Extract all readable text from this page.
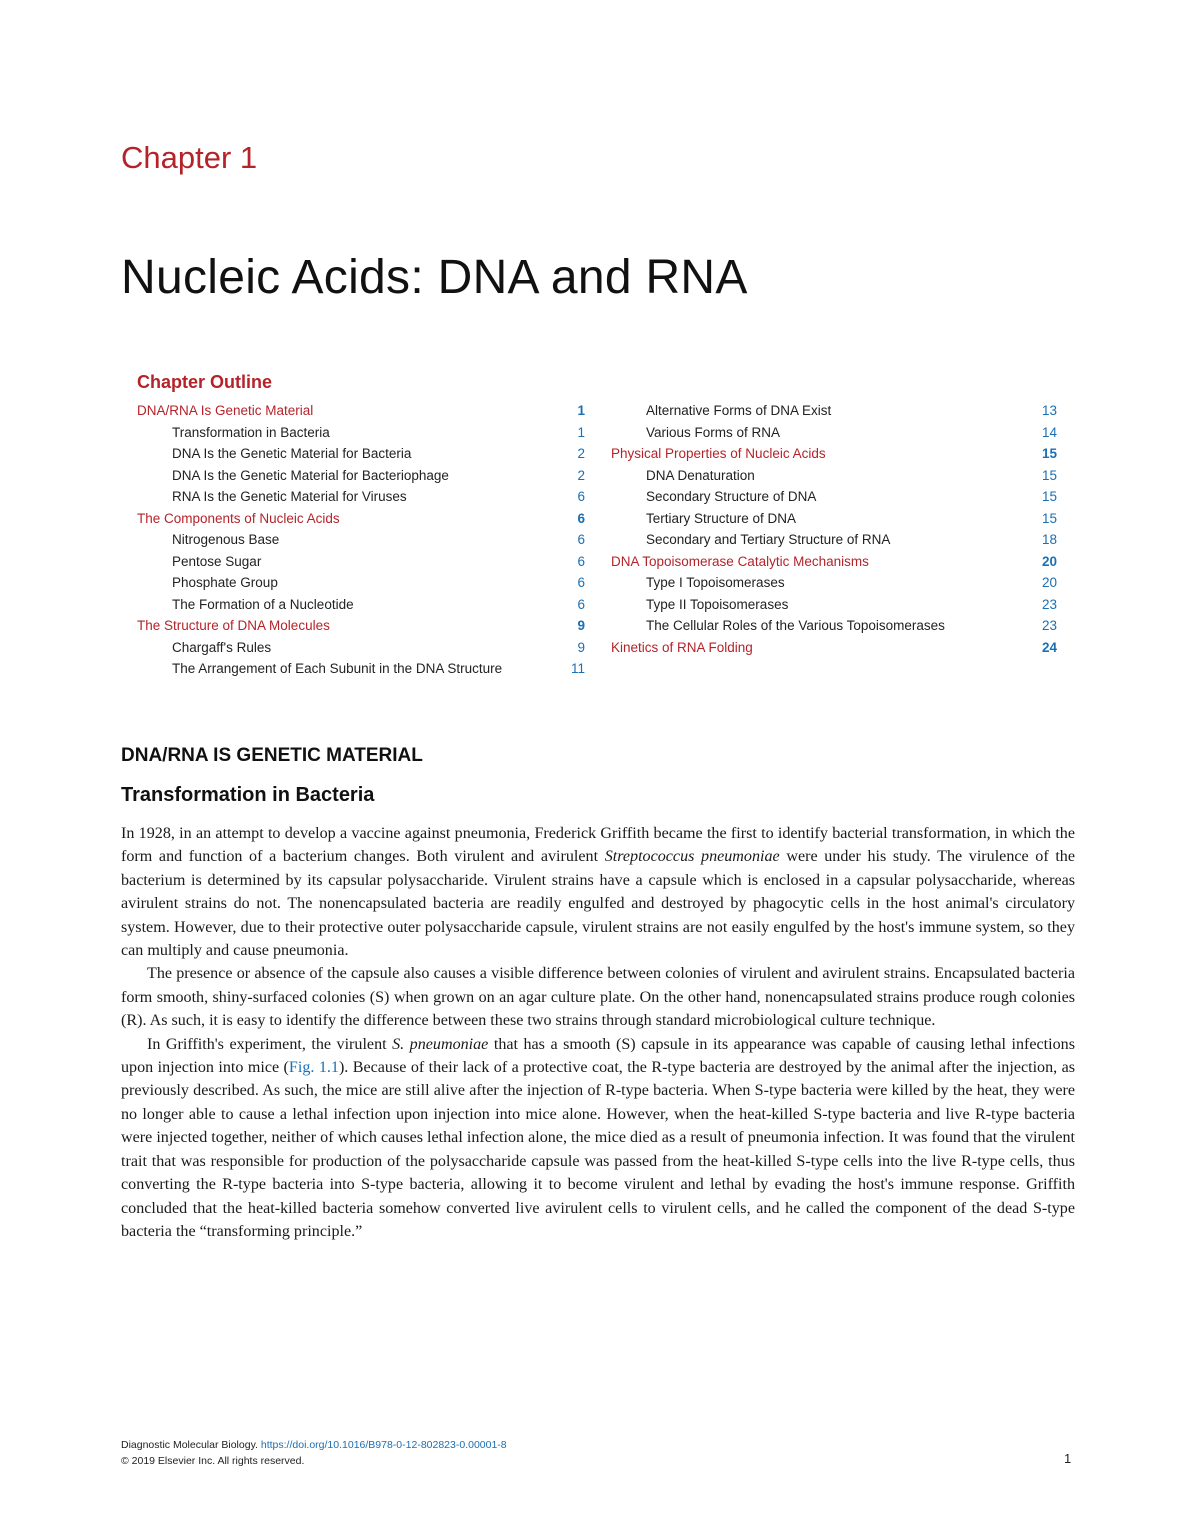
Chapter 1
Nucleic Acids: DNA and RNA
Chapter Outline
DNA/RNA Is Genetic Material	1
Transformation in Bacteria	1
DNA Is the Genetic Material for Bacteria	2
DNA Is the Genetic Material for Bacteriophage	2
RNA Is the Genetic Material for Viruses	6
The Components of Nucleic Acids	6
Nitrogenous Base	6
Pentose Sugar	6
Phosphate Group	6
The Formation of a Nucleotide	6
The Structure of DNA Molecules	9
Chargaff's Rules	9
The Arrangement of Each Subunit in the DNA Structure	11
Alternative Forms of DNA Exist	13
Various Forms of RNA	14
Physical Properties of Nucleic Acids	15
DNA Denaturation	15
Secondary Structure of DNA	15
Tertiary Structure of DNA	15
Secondary and Tertiary Structure of RNA	18
DNA Topoisomerase Catalytic Mechanisms	20
Type I Topoisomerases	20
Type II Topoisomerases	23
The Cellular Roles of the Various Topoisomerases	23
Kinetics of RNA Folding	24
DNA/RNA IS GENETIC MATERIAL
Transformation in Bacteria

In 1928, in an attempt to develop a vaccine against pneumonia, Frederick Griffith became the first to identify bacterial transformation, in which the form and function of a bacterium changes. Both virulent and avirulent Streptococcus pneumoniae were under his study. The virulence of the bacterium is determined by its capsular polysaccharide. Virulent strains have a capsule which is enclosed in a capsular polysaccharide, whereas avirulent strains do not. The nonencapsulated bacteria are readily engulfed and destroyed by phagocytic cells in the host animal's circulatory system. However, due to their protective outer polysaccharide capsule, virulent strains are not easily engulfed by the host's immune system, so they can multiply and cause pneumonia.

The presence or absence of the capsule also causes a visible difference between colonies of virulent and avirulent strains. Encapsulated bacteria form smooth, shiny-surfaced colonies (S) when grown on an agar culture plate. On the other hand, nonencapsulated strains produce rough colonies (R). As such, it is easy to identify the difference between these two strains through standard microbiological culture technique.

In Griffith's experiment, the virulent S. pneumoniae that has a smooth (S) capsule in its appearance was capable of causing lethal infections upon injection into mice (Fig. 1.1). Because of their lack of a protective coat, the R-type bacteria are destroyed by the animal after the injection, as previously described. As such, the mice are still alive after the injection of R-type bacteria. When S-type bacteria were killed by the heat, they were no longer able to cause a lethal infection upon injection into mice alone. However, when the heat-killed S-type bacteria and live R-type bacteria were injected together, neither of which causes lethal infection alone, the mice died as a result of pneumonia infection. It was found that the virulent trait that was responsible for production of the polysaccharide capsule was passed from the heat-killed S-type cells into the live R-type cells, thus converting the R-type bacteria into S-type bacteria, allowing it to become virulent and lethal by evading the host's immune response. Griffith concluded that the heat-killed bacteria somehow converted live avirulent cells to virulent cells, and he called the component of the dead S-type bacteria the “transforming principle.”

Diagnostic Molecular Biology. https://doi.org/10.1016/B978-0-12-802823-0.00001-8
© 2019 Elsevier Inc. All rights reserved.	1
